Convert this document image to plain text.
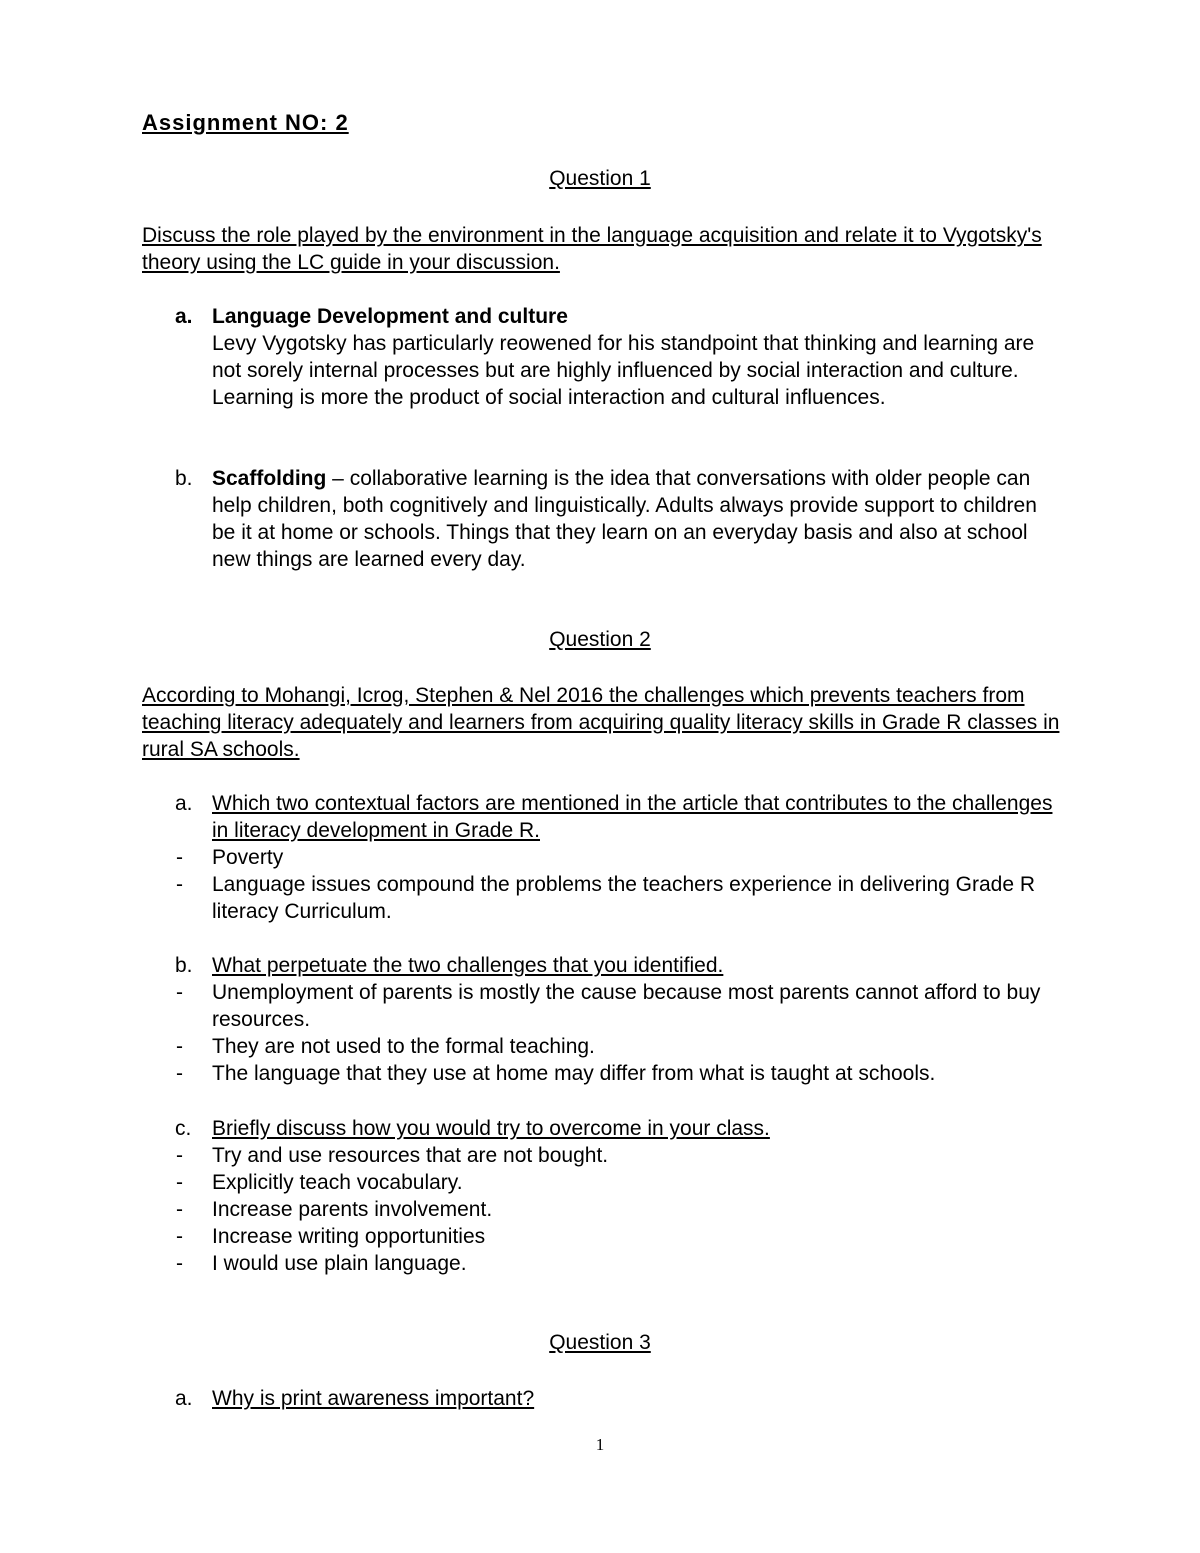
Assignment NO: 2
Question 1
Discuss the role played by the environment in the language acquisition and relate it to Vygotsky's theory using the LC guide in your discussion.
a. Language Development and culture
Levy Vygotsky has particularly reowened for his standpoint that thinking and learning are not sorely internal processes but are highly influenced by social interaction and culture. Learning is more the product of social interaction and cultural influences.
b. Scaffolding – collaborative learning is the idea that conversations with older people can help children, both cognitively and linguistically. Adults always provide support to children be it at home or schools. Things that they learn on an everyday basis and also at school new things are learned every day.
Question 2
According to Mohangi, Icrog, Stephen & Nel 2016 the challenges which prevents teachers from teaching literacy adequately and learners from acquiring quality literacy skills in Grade R classes in rural SA schools.
a. Which two contextual factors are mentioned in the article that contributes to the challenges in literacy development in Grade R.
-	Poverty
-	Language issues compound the problems the teachers experience in delivering Grade R literacy Curriculum.
b. What perpetuate the two challenges that you identified.
-	Unemployment of parents is mostly the cause because most parents cannot afford to buy resources.
-	They are not used to the formal teaching.
-	The language that they use at home may differ from what is taught at schools.
c. Briefly discuss how you would try to overcome in your class.
-	Try and use resources that are not bought.
-	Explicitly teach vocabulary.
-	Increase parents involvement.
-	Increase writing opportunities
-	I would use plain language.
Question 3
a. Why is print awareness important?
1
